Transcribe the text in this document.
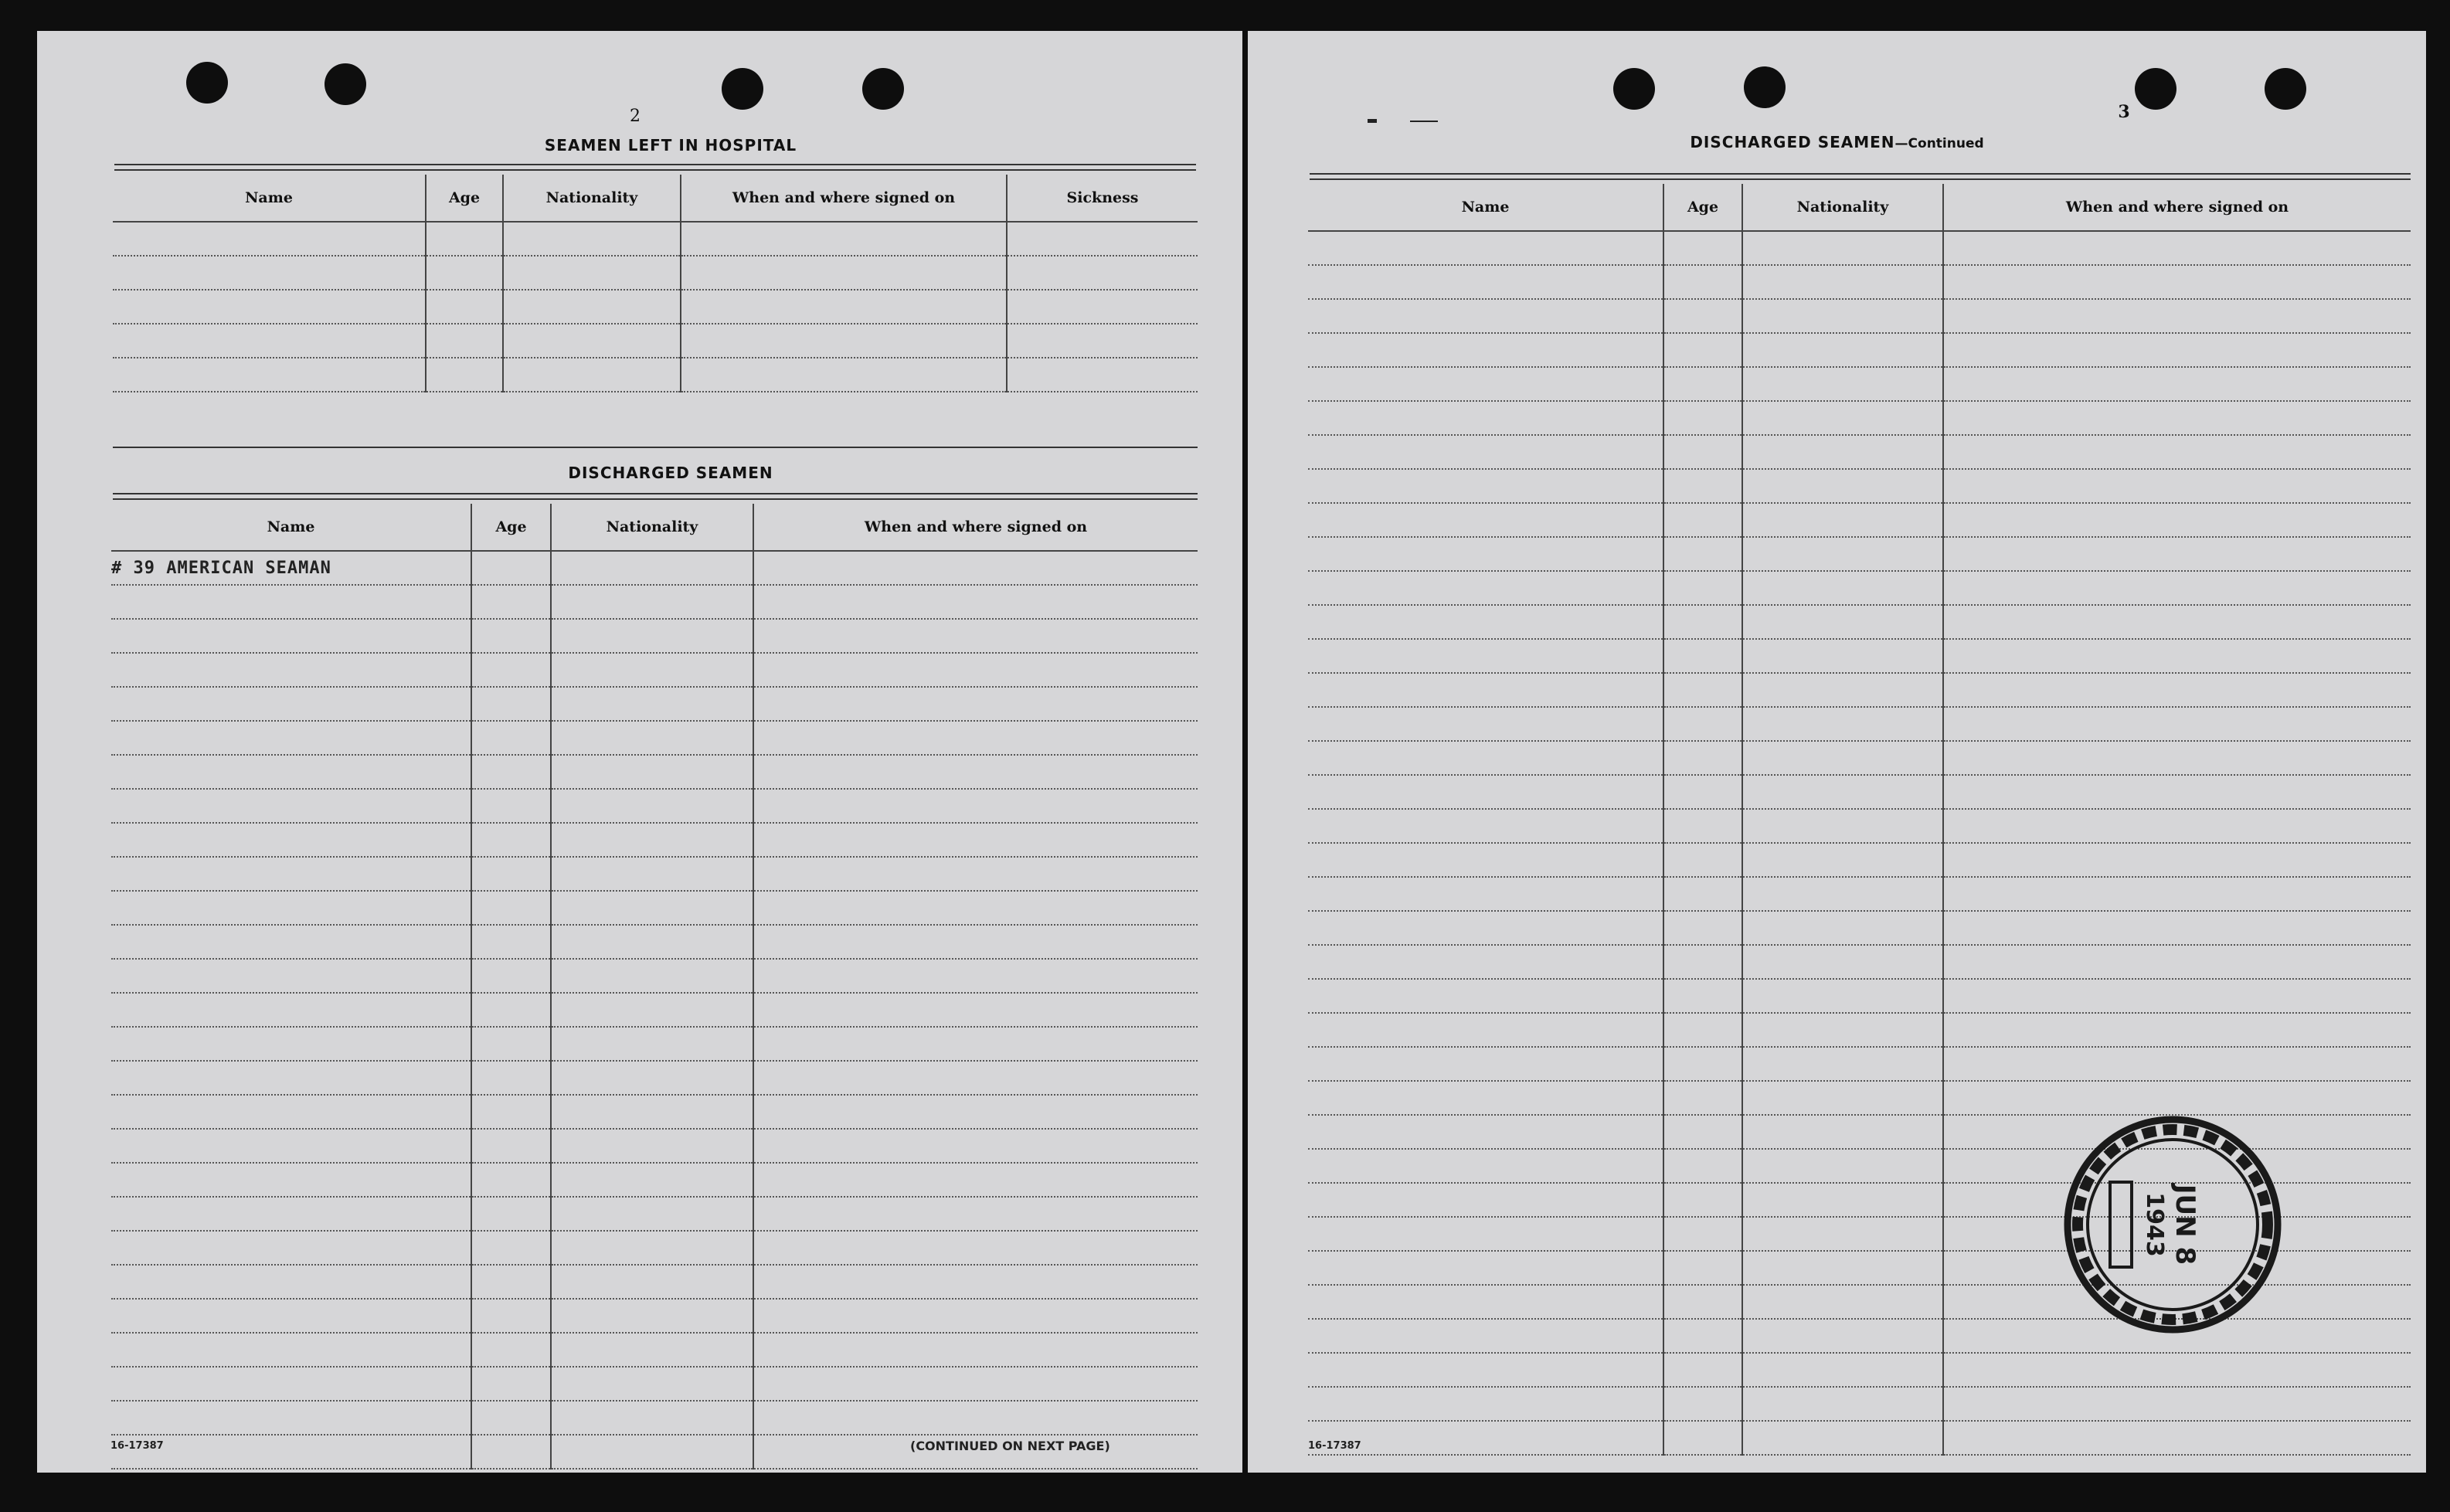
2
SEAMEN LEFT IN HOSPITAL
Name	Age	Nationality	When and where signed on	Sickness

DISCHARGED SEAMEN
Name	Age	Nationality	When and where signed on
# 39 AMERICAN SEAMAN			

16-17387	(CONTINUED ON NEXT PAGE)
3
DISCHARGED SEAMEN—Continued
Name	Age	Nationality	When and where signed on

16-17387
JUN 8
1943
